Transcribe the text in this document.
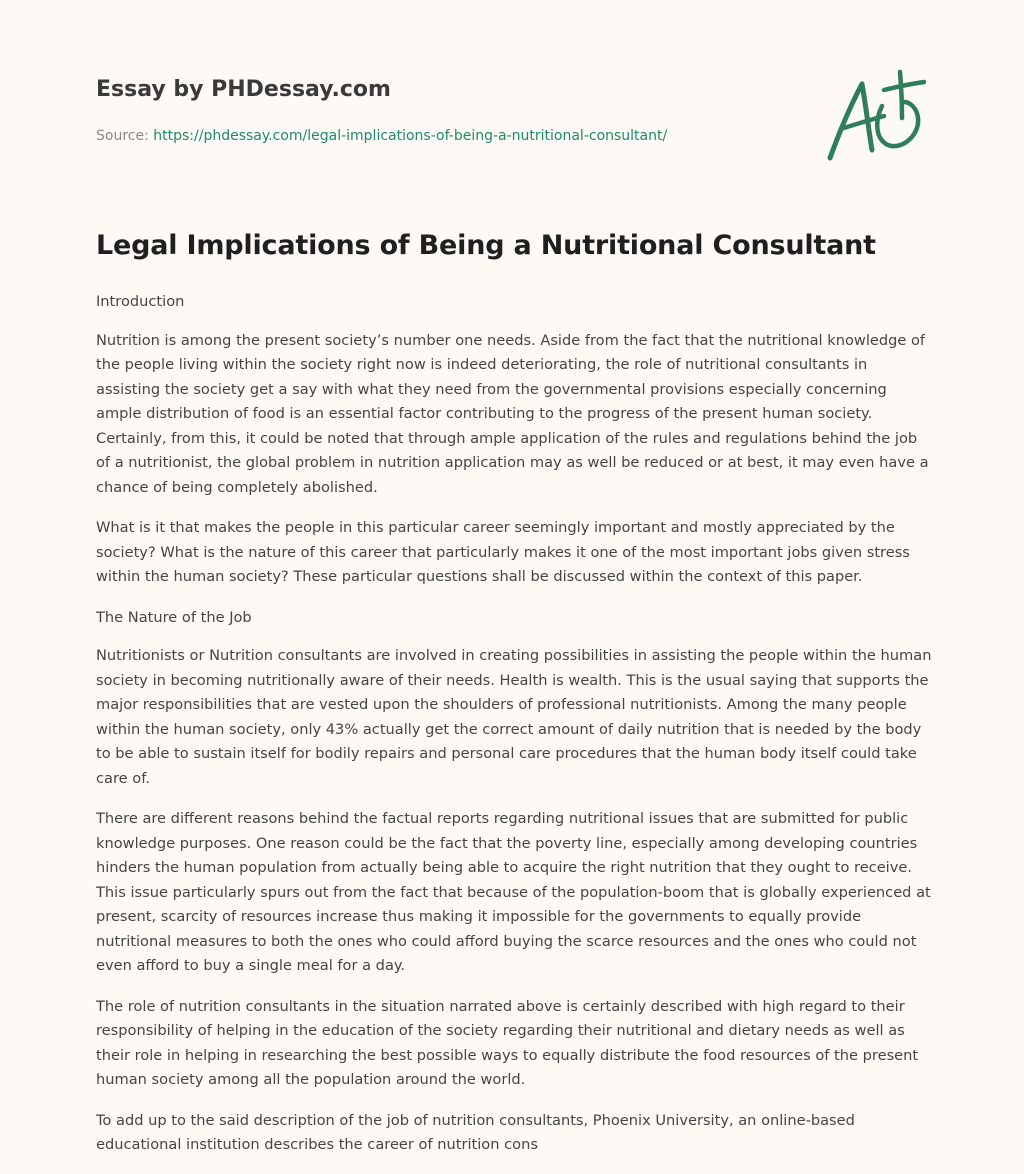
Essay by PHDessay.com
Source: https://phdessay.com/legal-implications-of-being-a-nutritional-consultant/
Legal Implications of Being a Nutritional Consultant

Introduction

Nutrition is among the present society’s number one needs. Aside from the fact that the nutritional knowledge of the people living within the society right now is indeed deteriorating, the role of nutritional consultants in assisting the society get a say with what they need from the governmental provisions especially concerning ample distribution of food is an essential factor contributing to the progress of the present human society. Certainly, from this, it could be noted that through ample application of the rules and regulations behind the job of a nutritionist, the global problem in nutrition application may as well be reduced or at best, it may even have a chance of being completely abolished.

What is it that makes the people in this particular career seemingly important and mostly appreciated by the society? What is the nature of this career that particularly makes it one of the most important jobs given stress within the human society? These particular questions shall be discussed within the context of this paper.

The Nature of the Job

Nutritionists or Nutrition consultants are involved in creating possibilities in assisting the people within the human society in becoming nutritionally aware of their needs. Health is wealth. This is the usual saying that supports the major responsibilities that are vested upon the shoulders of professional nutritionists. Among the many people within the human society, only 43% actually get the correct amount of daily nutrition that is needed by the body to be able to sustain itself for bodily repairs and personal care procedures that the human body itself could take care of.

There are different reasons behind the factual reports regarding nutritional issues that are submitted for public knowledge purposes. One reason could be the fact that the poverty line, especially among developing countries hinders the human population from actually being able to acquire the right nutrition that they ought to receive. This issue particularly spurs out from the fact that because of the population-boom that is globally experienced at present, scarcity of resources increase thus making it impossible for the governments to equally provide nutritional measures to both the ones who could afford buying the scarce resources and the ones who could not even afford to buy a single meal for a day.

The role of nutrition consultants in the situation narrated above is certainly described with high regard to their responsibility of helping in the education of the society regarding their nutritional and dietary needs as well as their role in helping in researching the best possible ways to equally distribute the food resources of the present human society among all the population around the world.

To add up to the said description of the job of nutrition consultants, Phoenix University, an online-based educational institution describes the career of nutrition cons
